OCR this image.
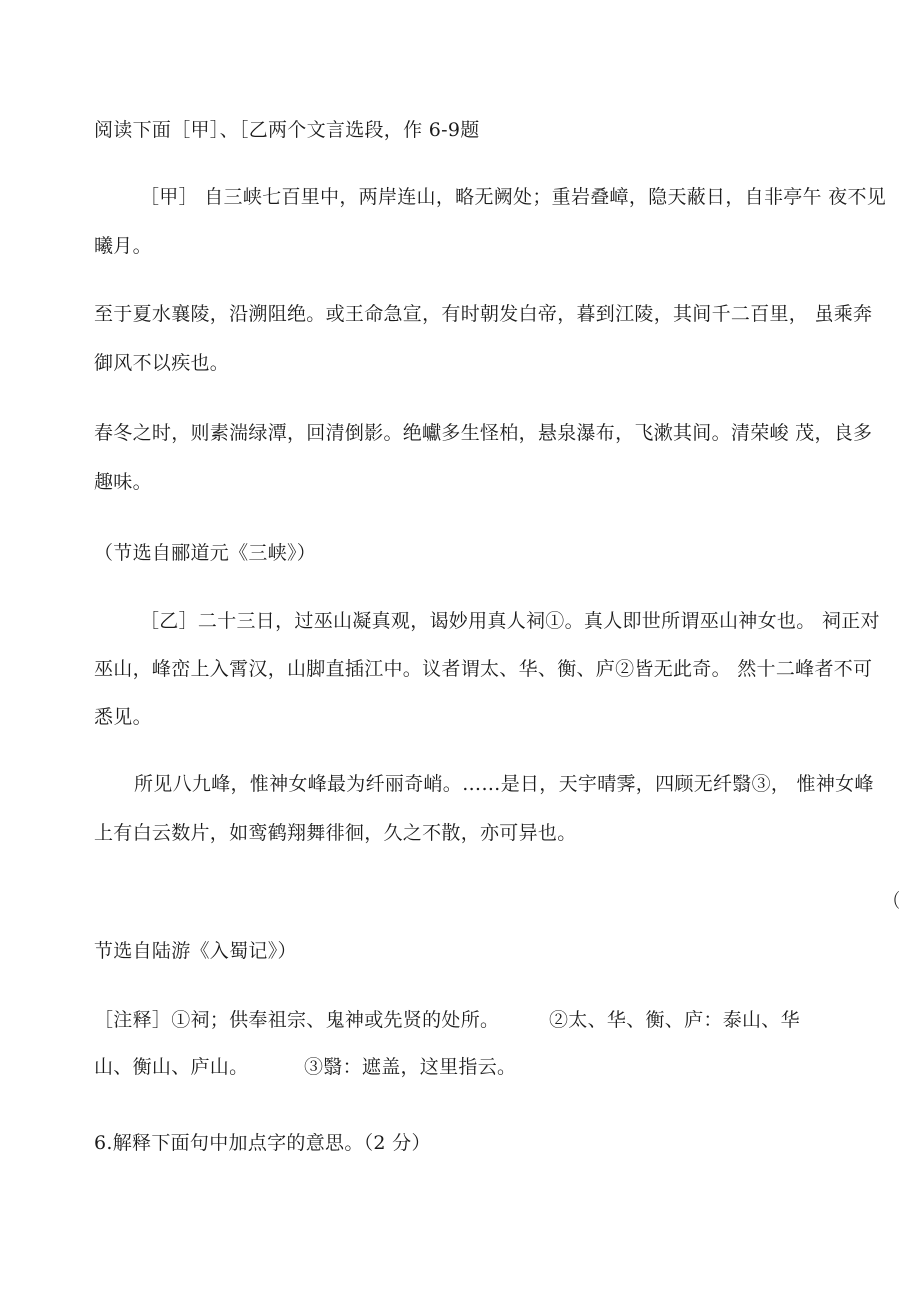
阅读下面［甲］、［乙两个文言选段，作 6-9题
［甲］ 自三峡七百里中，两岸连山，略无阙处；重岩叠嶂，隐天蔽日，自非亭午 夜不见
曦月。
至于夏水襄陵，沿溯阻绝。或王命急宣，有时朝发白帝，暮到江陵，其间千二百里， 虽乘奔
御风不以疾也。
春冬之时，则素湍绿潭，回清倒影。绝巘多生怪柏，悬泉瀑布，飞漱其间。清荣峻 茂，良多
趣味。
（节选自郦道元《三峡》）
［乙］二十三日，过巫山凝真观，谒妙用真人祠①。真人即世所谓巫山神女也。 祠正对
巫山，峰峦上入霄汉，山脚直插江中。议者谓太、华、衡、庐②皆无此奇。 然十二峰者不可
悉见。
所见八九峰，惟神女峰最为纤丽奇峭。……是日，天宇晴霁，四顾无纤翳③， 惟神女峰
上有白云数片，如鸾鹤翔舞徘徊，久之不散，亦可异也。
（
节选自陆游《入蜀记》）
［注释］①祠；供奉祖宗、鬼神或先贤的处所。	②太、华、衡、庐：泰山、华
山、衡山、庐山。	③翳：遮盖，这里指云。
6.解释下面句中加点字的意思。（2 分）
